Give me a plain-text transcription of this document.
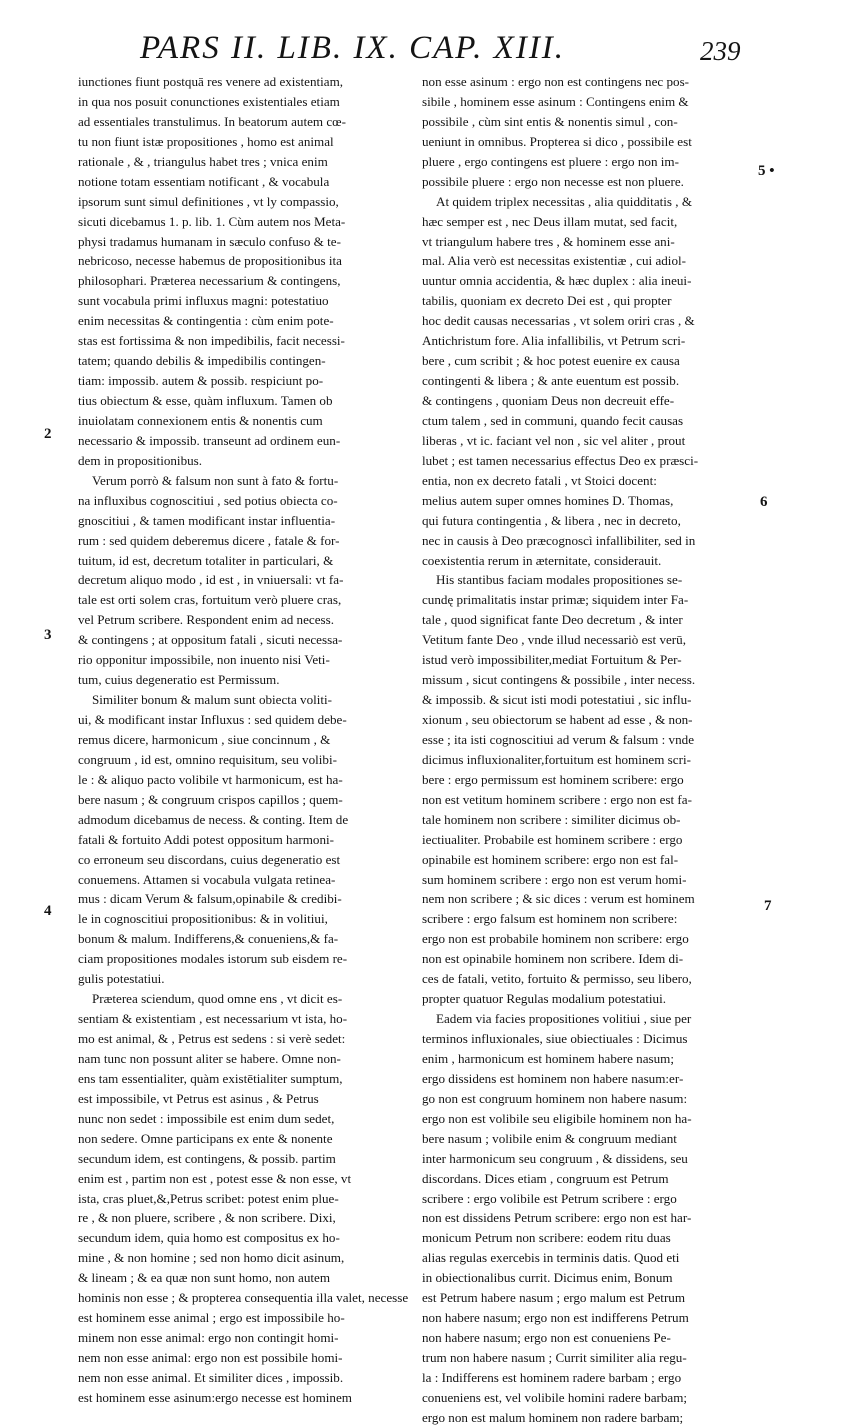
PARS II. LIB. IX. CAP. XIII.	239
2
3
4
5 •
6
7
iunctiones fiunt postquā res venere ad existentiam,
in qua nos posuit conunctiones existentiales etiam
ad essentiales transtulimus. In beatorum autem cœ-
tu non fiunt istæ propositiones , homo est animal
rationale , & , triangulus habet tres ; vnica enim
notione totam essentiam notificant , & vocabula
ipsorum sunt simul definitiones , vt ly compassio,
sicuti dicebamus 1. p. lib. 1. Cùm autem nos Meta-
physi tradamus humanam in sæculo confuso & te-
nebricoso, necesse habemus de propositionibus ita
philosophari. Præterea necessarium & contingens,
sunt vocabula primi influxus magni: potestatiuo
enim necessitas & contingentia : cùm enim pote-
stas est fortissima & non impedibilis, facit necessi-
tatem; quando debilis & impedibilis contingen-
tiam: impossib. autem & possib. respiciunt po-
tius obiectum & esse, quàm influxum. Tamen ob
inuiolatam connexionem entis & nonentis cum
necessario & impossib. transeunt ad ordinem eun-
dem in propositionibus.
Verum porrò & falsum non sunt à fato & fortu-
na influxibus cognoscitiui , sed potius obiecta co-
gnoscitiui , & tamen modificant instar influentia-
rum : sed quidem deberemus dicere , fatale & for-
tuitum, id est, decretum totaliter in particulari, &
decretum aliquo modo , id est , in vniuersali: vt fa-
tale est orti solem cras, fortuitum verò pluere cras,
vel Petrum scribere. Respondent enim ad necess.
& contingens ; at oppositum fatali , sicuti necessa-
rio opponitur impossibile, non inuento nisi Veti-
tum, cuius degeneratio est Permissum.
Similiter bonum & malum sunt obiecta voliti-
ui, & modificant instar Influxus : sed quidem debe-
remus dicere, harmonicum , siue concinnum , &
congruum , id est, omnino requisitum, seu volibi-
le : & aliquo pacto volibile vt harmonicum, est ha-
bere nasum ; & congruum crispos capillos ; quem-
admodum dicebamus de necess. & conting. Item de
fatali & fortuito Addi potest oppositum harmoni-
co erroneum seu discordans, cuius degeneratio est
conuemens. Attamen si vocabula vulgata retinea-
mus : dicam Verum & falsum,opinabile & credibi-
le in cognoscitiui propositionibus: & in volitiui,
bonum & malum. Indifferens,& conueniens,& fa-
ciam propositiones modales istorum sub eisdem re-
gulis potestatiui.
Præterea sciendum, quod omne ens , vt dicit es-
sentiam & existentiam , est necessarium vt ista, ho-
mo est animal, & , Petrus est sedens : si verè sedet:
nam tunc non possunt aliter se habere. Omne non-
ens tam essentialiter, quàm existētialiter sumptum,
est impossibile, vt Petrus est asinus , & Petrus
nunc non sedet : impossibile est enim dum sedet,
non sedere. Omne participans ex ente & nonente
secundum idem, est contingens, & possib. partim
enim est , partim non est , potest esse & non esse, vt
ista, cras pluet,&,Petrus scribet: potest enim plue-
re , & non pluere, scribere , & non scribere. Dixi,
secundum idem, quia homo est compositus ex ho-
mine , & non homine ; sed non homo dicit asinum,
& lineam ; & ea quæ non sunt homo, non autem
hominis non esse ; & propterea consequentia illa valet, necesse
est hominem esse animal ; ergo est impossibile ho-
minem non esse animal: ergo non contingit homi-
nem non esse animal: ergo non est possibile homi-
nem non esse animal. Et similiter dices , impossib.
est hominem esse asinum:ergo necesse est hominem
non esse asinum : ergo non est contingens nec pos-
sibile , hominem esse asinum : Contingens enim &
possibile , cùm sint entis & nonentis simul , con-
ueniunt in omnibus. Propterea si dico , possibile est
pluere , ergo contingens est pluere : ergo non im-
possibile pluere : ergo non necesse est non pluere.
At quidem triplex necessitas , alia quidditatis , &
hæc semper est , nec Deus illam mutat, sed facit,
vt triangulum habere tres , & hominem esse ani-
mal. Alia verò est necessitas existentiæ , cui adiol-
uuntur omnia accidentia, & hæc duplex : alia ineui-
tabilis, quoniam ex decreto Dei est , qui propter
hoc dedit causas necessarias , vt solem oriri cras , &
Antichristum fore. Alia infallibilis, vt Petrum scri-
bere , cum scribit ; & hoc potest euenire ex causa
contingenti & libera ; & ante euentum est possib.
& contingens , quoniam Deus non decreuit effe-
ctum talem , sed in communi, quando fecit causas
liberas , vt ic. faciant vel non , sic vel aliter , prout
lubet ; est tamen necessarius effectus Deo ex præsci-
entia, non ex decreto fatali , vt Stoici docent:
melius autem super omnes homines D. Thomas,
qui futura contingentia , & libera , nec in decreto,
nec in causis à Deo præcognoscì infallibiliter, sed in
coexistentia rerum in æternitate, considerauit.
His stantibus faciam modales propositiones se-
cundę primalitatis instar primæ; siquidem inter Fa-
tale , quod significat fante Deo decretum , & inter
Vetitum fante Deo , vnde illud necessariò est verū,
istud verò impossibiliter,mediat Fortuitum & Per-
missum , sicut contingens & possibile , inter necess.
& impossib. & sicut isti modi potestatiui , sic influ-
xionum , seu obiectorum se habent ad esse , & non-
esse ; ita isti cognoscitiui ad verum & falsum : vnde
dicimus influxionaliter,fortuitum est hominem scri-
bere : ergo permissum est hominem scribere: ergo
non est vetitum hominem scribere : ergo non est fa-
tale hominem non scribere : similiter dicimus ob-
iectiualiter. Probabile est hominem scribere : ergo
opinabile est hominem scribere: ergo non est fal-
sum hominem scribere : ergo non est verum homi-
nem non scribere ; & sic dices : verum est hominem
scribere : ergo falsum est hominem non scribere:
ergo non est probabile hominem non scribere: ergo
non est opinabile hominem non scribere. Idem di-
ces de fatali, vetito, fortuito & permisso, seu libero,
propter quatuor Regulas modalium potestatiui.
Eadem via facies propositiones volitiui , siue per
terminos influxionales, siue obiectiuales : Dicimus
enim , harmonicum est hominem habere nasum;
ergo dissidens est hominem non habere nasum:er-
go non est congruum hominem non habere nasum:
ergo non est volibile seu eligibile hominem non ha-
bere nasum ; volibile enim & congruum mediant
inter harmonicum seu congruum , & dissidens, seu
discordans. Dices etiam , congruum est Petrum
scribere : ergo volibile est Petrum scribere : ergo
non est dissidens Petrum scribere: ergo non est har-
monicum Petrum non scribere: eodem ritu duas
alias regulas exercebis in terminis datis. Quod eti
in obiectionalibus currit. Dicimus enim, Bonum
est Petrum habere nasum ; ergo malum est Petrum
non habere nasum; ergo non est indifferens Petrum
non habere nasum; ergo non est conueniens Pe-
trum non habere nasum ; Currit similiter alia regu-
la : Indifferens est hominem radere barbam ; ergo
conueniens est, vel volibile homini radere barbam;
ergo non est malum hominem non radere barbam;
